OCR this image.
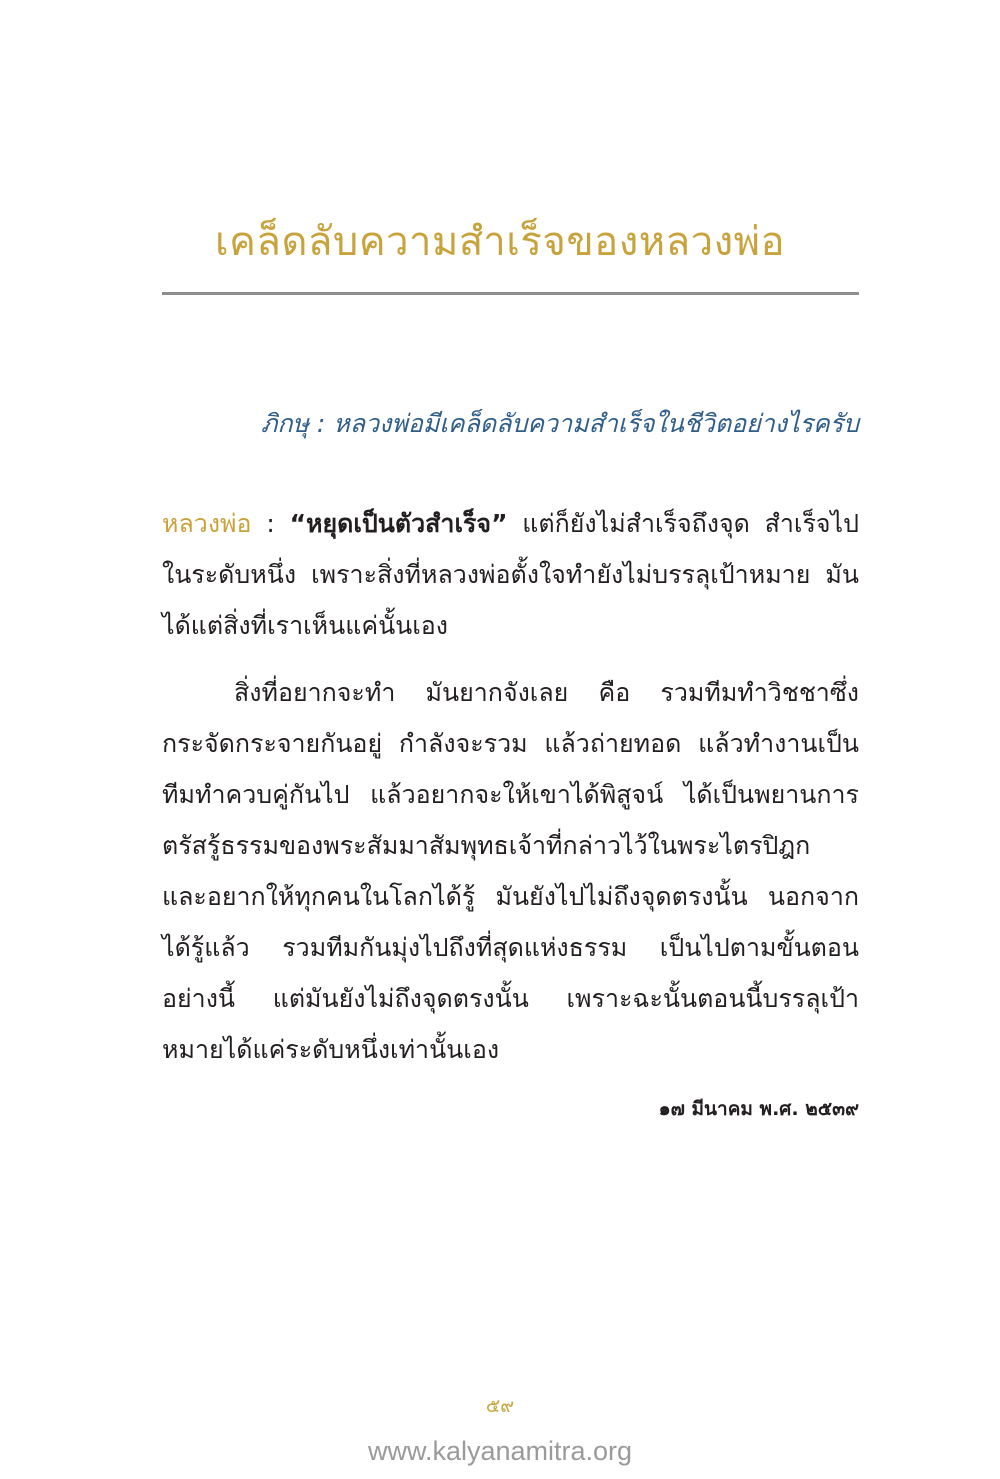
เคล็ดลับความสำเร็จของหลวงพ่อ
ภิกษุ : หลวงพ่อมีเคล็ดลับความสำเร็จในชีวิตอย่างไรครับ

หลวงพ่อ : “หยุดเป็นตัวสำเร็จ” แต่ก็ยังไม่สำเร็จถึงจุด สำเร็จไปในระดับหนึ่ง เพราะสิ่งที่หลวงพ่อตั้งใจทำยังไม่บรรลุเป้าหมาย มันได้แต่สิ่งที่เราเห็นแค่นั้นเอง

สิ่งที่อยากจะทำ มันยากจังเลย คือ รวมทีมทำวิชชาซึ่งกระจัดกระจายกันอยู่ กำลังจะรวม แล้วถ่ายทอด แล้วทำงานเป็นทีมทำควบคู่กันไป แล้วอยากจะให้เขาได้พิสูจน์ ได้เป็นพยานการตรัสรู้ธรรมของพระสัมมาสัมพุทธเจ้าที่กล่าวไว้ในพระไตรปิฎก และอยากให้ทุกคนในโลกได้รู้ มันยังไปไม่ถึงจุดตรงนั้น นอกจากได้รู้แล้ว รวมทีมกันมุ่งไปถึงที่สุดแห่งธรรม เป็นไปตามขั้นตอนอย่างนี้ แต่มันยังไม่ถึงจุดตรงนั้น เพราะฉะนั้นตอนนี้บรรลุเป้าหมายได้แค่ระดับหนึ่งเท่านั้นเอง

๑๗ มีนาคม พ.ศ. ๒๕๓๙
๕๙
www.kalyanamitra.org
